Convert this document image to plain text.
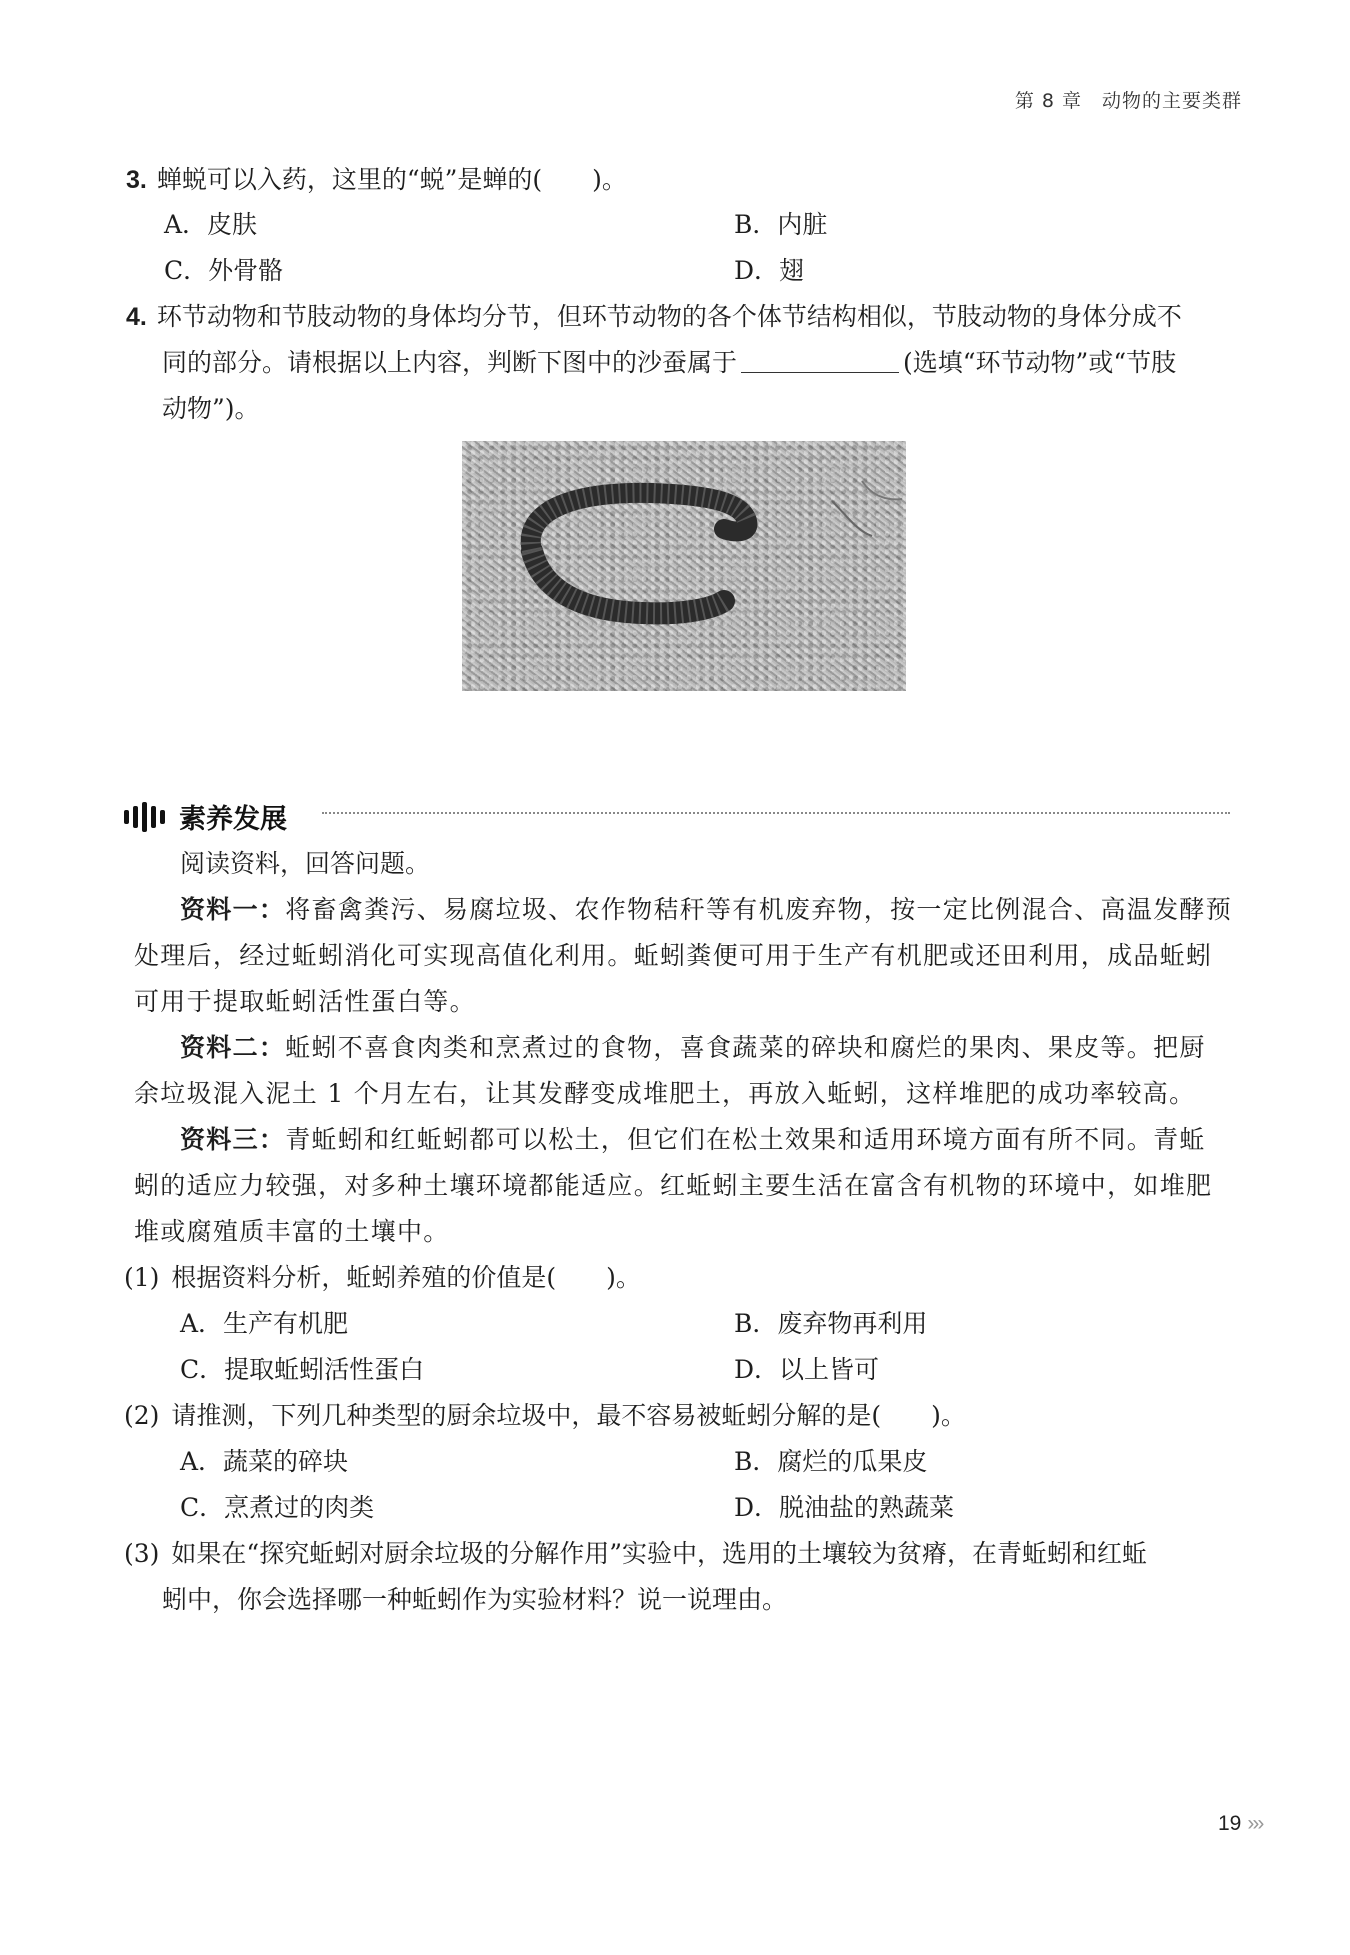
第 8 章　动物的主要类群
3. 蝉蜕可以入药，这里的“蜕”是蝉的(　　)。
A．皮肤	B．内脏
C．外骨骼	D．翅
4. 环节动物和节肢动物的身体均分节，但环节动物的各个体节结构相似，节肢动物的身体分成不
同的部分。请根据以上内容，判断下图中的沙蚕属于	(选填“环节动物”或“节肢
动物”)。
素养发展
阅读资料，回答问题。
资料一：将畜禽粪污、易腐垃圾、农作物秸秆等有机废弃物，按一定比例混合、高温发酵预
处理后，经过蚯蚓消化可实现高值化利用。蚯蚓粪便可用于生产有机肥或还田利用，成品蚯蚓
可用于提取蚯蚓活性蛋白等。
资料二：蚯蚓不喜食肉类和烹煮过的食物，喜食蔬菜的碎块和腐烂的果肉、果皮等。把厨
余垃圾混入泥土 1 个月左右，让其发酵变成堆肥土，再放入蚯蚓，这样堆肥的成功率较高。
资料三：青蚯蚓和红蚯蚓都可以松土，但它们在松土效果和适用环境方面有所不同。青蚯
蚓的适应力较强，对多种土壤环境都能适应。红蚯蚓主要生活在富含有机物的环境中，如堆肥
堆或腐殖质丰富的土壤中。
(1) 根据资料分析，蚯蚓养殖的价值是(　　)。
A．生产有机肥	B．废弃物再利用
C．提取蚯蚓活性蛋白	D．以上皆可
(2) 请推测，下列几种类型的厨余垃圾中，最不容易被蚯蚓分解的是(　　)。
A．蔬菜的碎块	B．腐烂的瓜果皮
C．烹煮过的肉类	D．脱油盐的熟蔬菜
(3) 如果在“探究蚯蚓对厨余垃圾的分解作用”实验中，选用的土壤较为贫瘠，在青蚯蚓和红蚯
蚓中，你会选择哪一种蚯蚓作为实验材料？说一说理由。
19 ›››
